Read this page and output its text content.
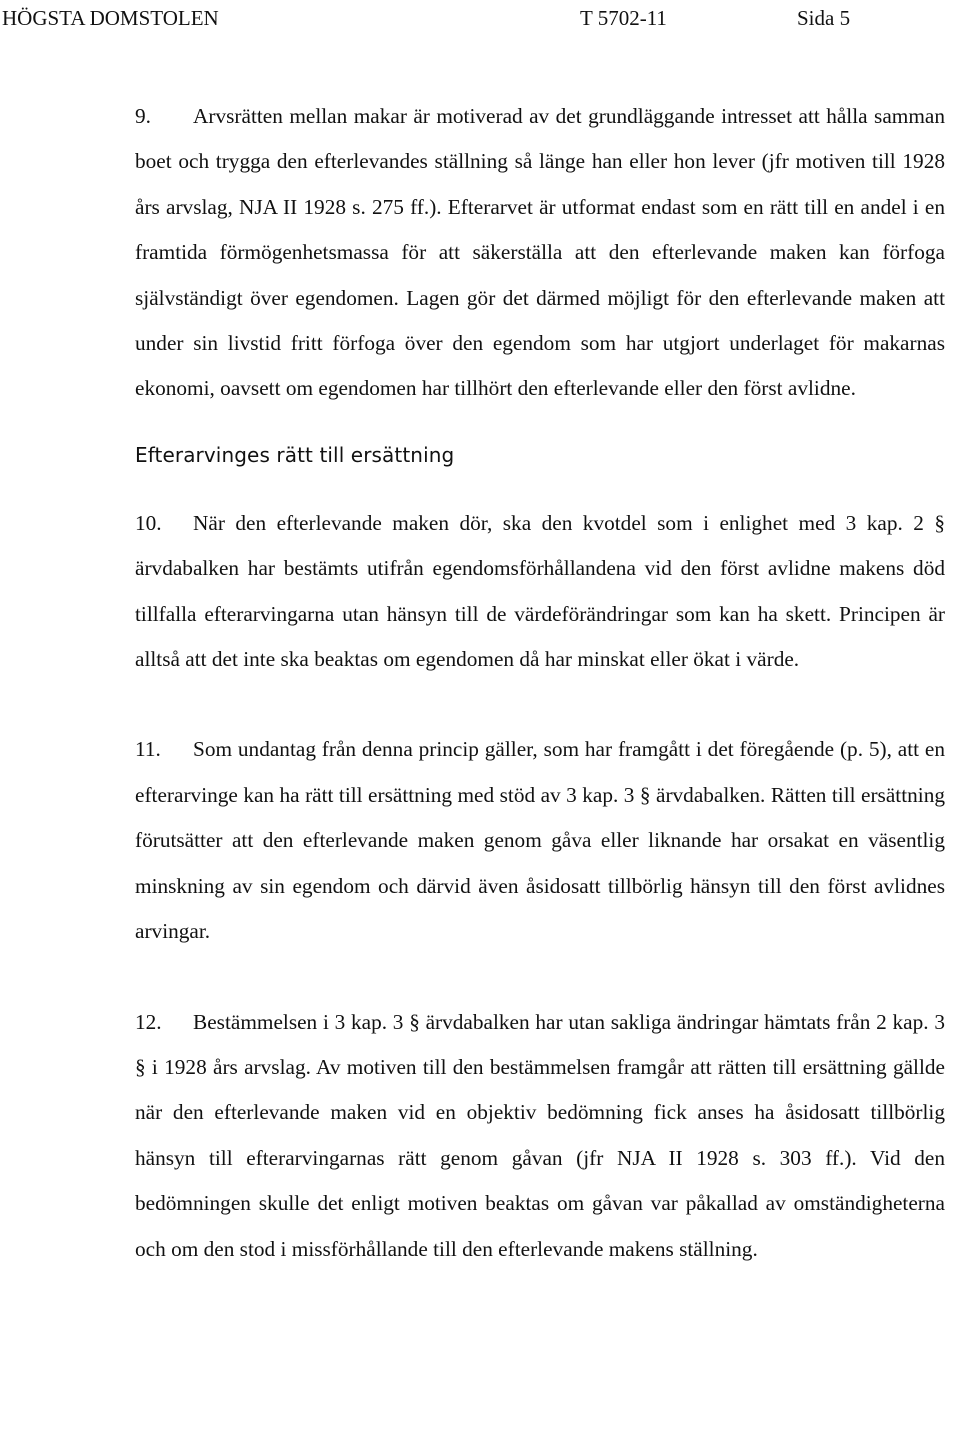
HÖGSTA DOMSTOLEN	T 5702-11	Sida 5

9. Arvsrätten mellan makar är motiverad av det grundläggande intresset att hålla samman boet och trygga den efterlevandes ställning så länge han eller hon lever (jfr motiven till 1928 års arvslag, NJA II 1928 s. 275 ff.). Efterarvet är utformat endast som en rätt till en andel i en framtida förmögenhetsmassa för att säkerställa att den efterlevande maken kan förfoga självständigt över egendomen. Lagen gör det därmed möjligt för den efterlevande maken att under sin livstid fritt förfoga över den egendom som har utgjort underlaget för makarnas ekonomi, oavsett om egendomen har tillhört den efterlevande eller den först avlidne.

Efterarvinges rätt till ersättning

10. När den efterlevande maken dör, ska den kvotdel som i enlighet med 3 kap. 2 § ärvdabalken har bestämts utifrån egendomsförhållandena vid den först avlidne makens död tillfalla efterarvingarna utan hänsyn till de värdeförändringar som kan ha skett. Principen är alltså att det inte ska beaktas om egendomen då har minskat eller ökat i värde.

11. Som undantag från denna princip gäller, som har framgått i det föregående (p. 5), att en efterarvinge kan ha rätt till ersättning med stöd av 3 kap. 3 § ärvdabalken. Rätten till ersättning förutsätter att den efterlevande maken genom gåva eller liknande har orsakat en väsentlig minskning av sin egendom och därvid även åsidosatt tillbörlig hänsyn till den först avlidnes arvingar.

12. Bestämmelsen i 3 kap. 3 § ärvdabalken har utan sakliga ändringar hämtats från 2 kap. 3 § i 1928 års arvslag. Av motiven till den bestämmelsen framgår att rätten till ersättning gällde när den efterlevande maken vid en objektiv bedömning fick anses ha åsidosatt tillbörlig hänsyn till efterarvingarnas rätt genom gåvan (jfr NJA II 1928 s. 303 ff.). Vid den bedömningen skulle det enligt motiven beaktas om gåvan var påkallad av omständigheterna och om den stod i missförhållande till den efterlevande makens ställning.
